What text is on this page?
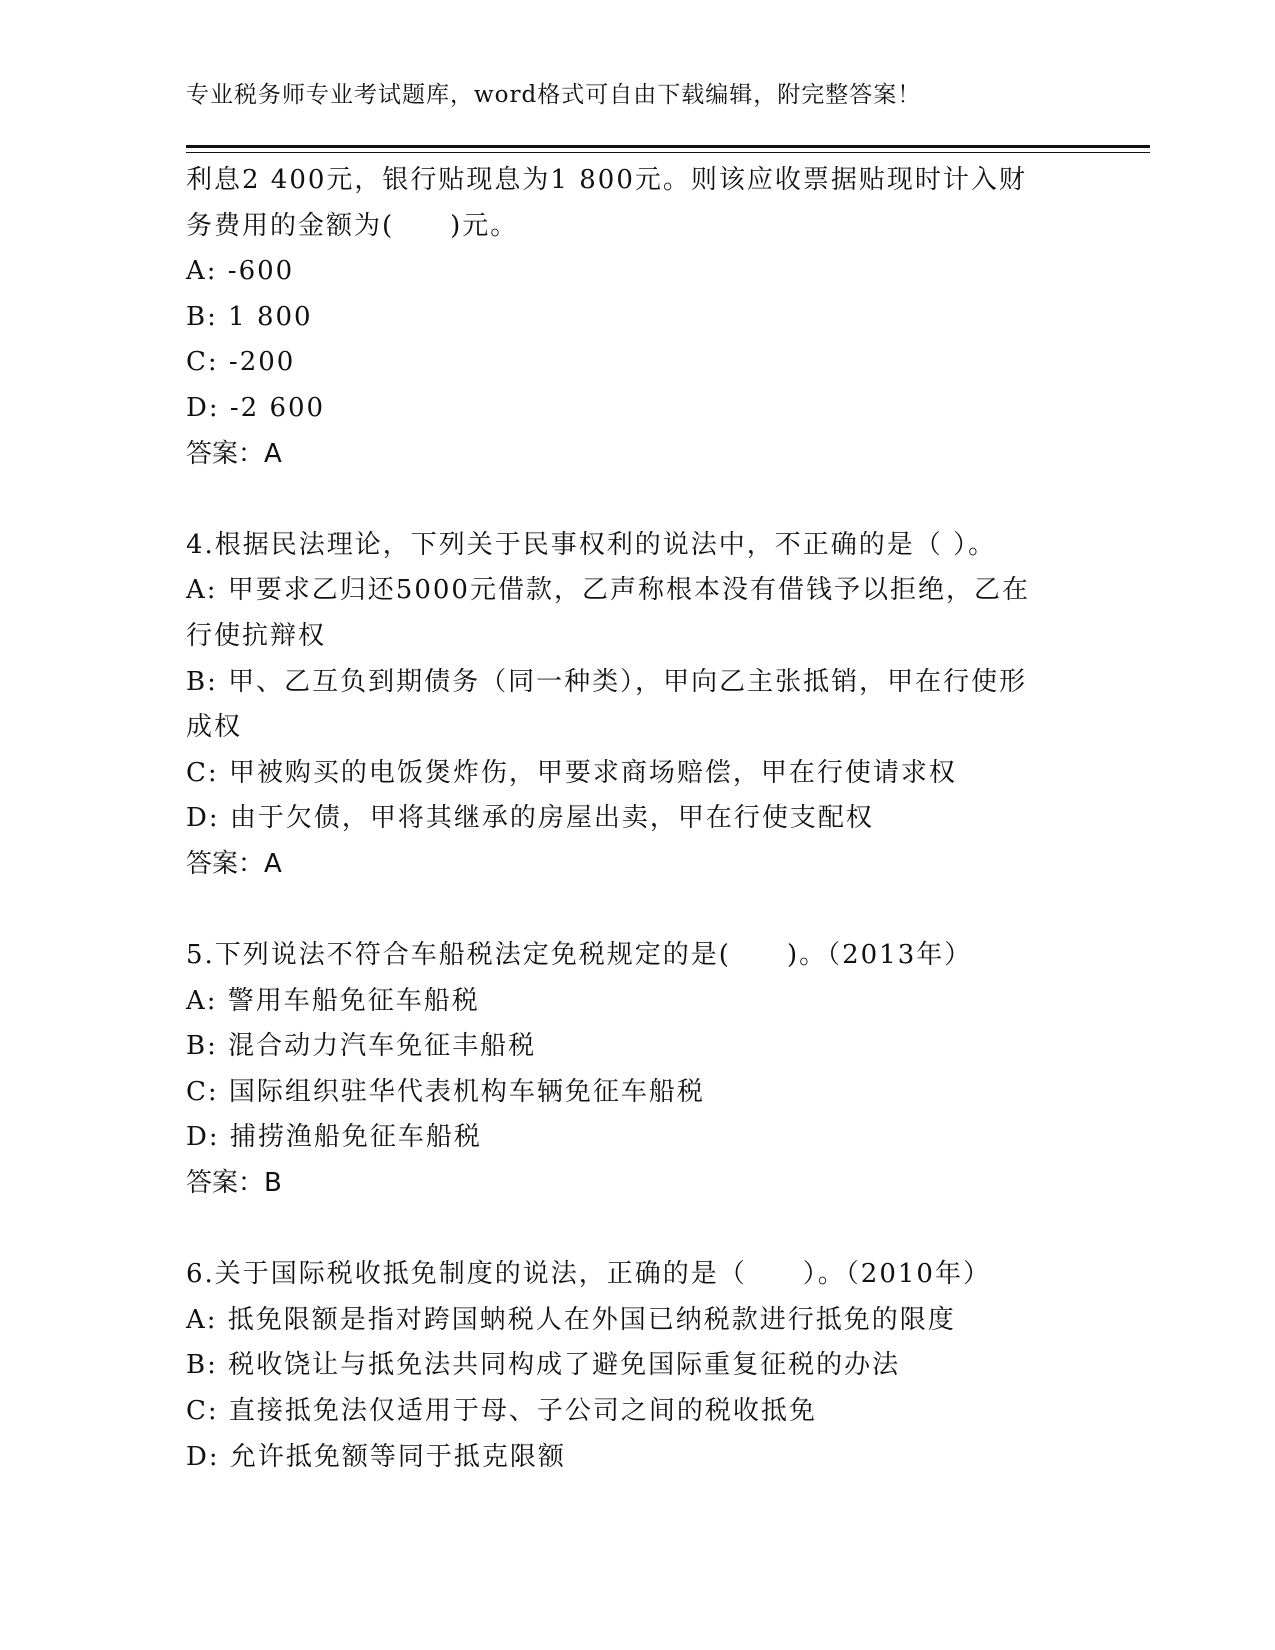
专业税务师专业考试题库，word格式可自由下载编辑，附完整答案！
利息2 400元，银行贴现息为1 800元。则该应收票据贴现时计入财
务费用的金额为(　　)元。
A: -600
B: 1 800
C: -200
D: -2 600
答案：A
4.根据民法理论，下列关于民事权利的说法中，不正确的是（ ）。
A: 甲要求乙归还5000元借款，乙声称根本没有借钱予以拒绝，乙在
行使抗辩权
B: 甲、乙互负到期债务（同一种类），甲向乙主张抵销，甲在行使形
成权
C: 甲被购买的电饭煲炸伤，甲要求商场赔偿，甲在行使请求权
D: 由于欠债，甲将其继承的房屋出卖，甲在行使支配权
答案：A
5.下列说法不符合车船税法定免税规定的是(　　)。（2013年）
A: 警用车船免征车船税
B: 混合动力汽车免征丰船税
C: 国际组织驻华代表机构车辆免征车船税
D: 捕捞渔船免征车船税
答案：B
6.关于国际税收抵免制度的说法，正确的是（　　）。（2010年）
A: 抵免限额是指对跨国蚋税人在外国已纳税款进行抵免的限度
B: 税收饶让与抵免法共同构成了避免国际重复征税的办法
C: 直接抵免法仅适用于母、子公司之间的税收抵免
D: 允许抵免额等同于抵克限额
